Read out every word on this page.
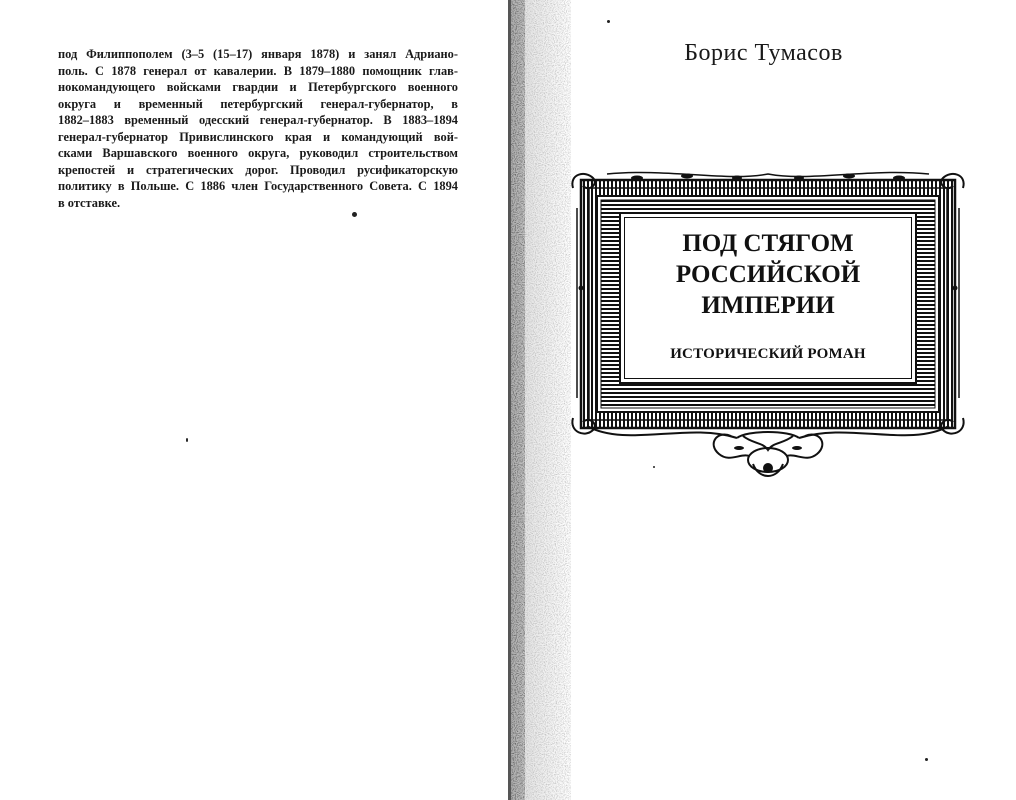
под Филиппополем (3–5 (15–17) января 1878) и занял Адриано-
поль. С 1878 генерал от кавалерии. В 1879–1880 помощник глав-
нокомандующего войсками гвардии и Петербургского военного
округа и временный петербургский генерал-губернатор, в
1882–1883 временный одесский генерал-губернатор. В 1883–1894
генерал-губернатор Привислинского края и командующий вой-
сками Варшавского военного округа, руководил строительством
крепостей и стратегических дорог. Проводил русификаторскую
политику в Польше. С 1886 член Государственного Совета. С 1894
в отставке.
Борис Тумасов
ПОД СТЯГОМ
РОССИЙСКОЙ
ИМПЕРИИ
ИСТОРИЧЕСКИЙ РОМАН
